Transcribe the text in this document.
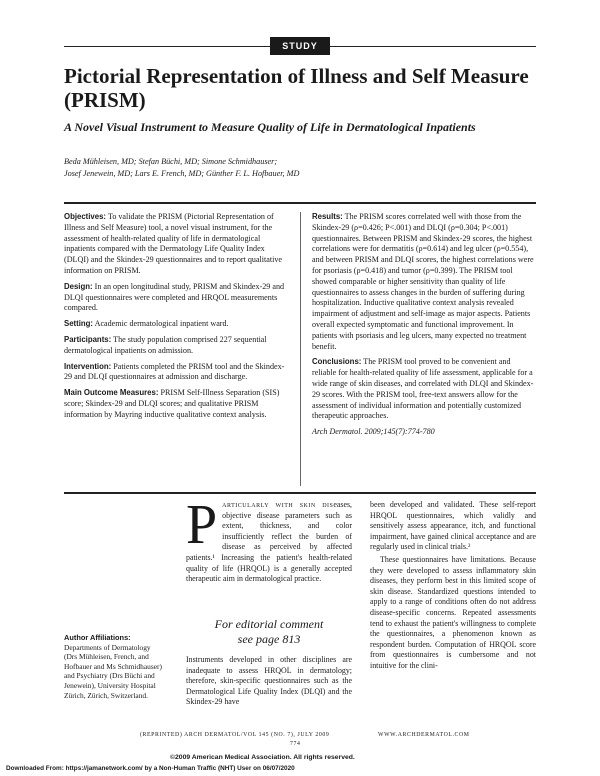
STUDY
Pictorial Representation of Illness and Self Measure (PRISM)
A Novel Visual Instrument to Measure Quality of Life in Dermatological Inpatients
Beda Mühleisen, MD; Stefan Büchi, MD; Simone Schmidhauser;
Josef Jenewein, MD; Lars E. French, MD; Günther F. L. Hofbauer, MD

Objectives: To validate the PRISM (Pictorial Representation of Illness and Self Measure) tool, a novel visual instrument, for the assessment of health-related quality of life in dermatological inpatients compared with the Dermatology Life Quality Index (DLQI) and the Skindex-29 questionnaires and to report qualitative information on PRISM.

Design: In an open longitudinal study, PRISM and Skindex-29 and DLQI questionnaires were completed and HRQOL measurements compared.

Setting: Academic dermatological inpatient ward.

Participants: The study population comprised 227 sequential dermatological inpatients on admission.

Intervention: Patients completed the PRISM tool and the Skindex-29 and DLQI questionnaires at admission and discharge.

Main Outcome Measures: PRISM Self-Illness Separation (SIS) score; Skindex-29 and DLQI scores; and qualitative PRISM information by Mayring inductive qualitative context analysis.

Results: The PRISM scores correlated well with those from the Skindex-29 (ρ=0.426; P<.001) and DLQI (ρ=0.304; P<.001) questionnaires. Between PRISM and Skindex-29 scores, the highest correlations were for dermatitis (ρ=0.614) and leg ulcer (ρ=0.554), and between PRISM and DLQI scores, the highest correlations were for psoriasis (ρ=0.418) and tumor (ρ=0.399). The PRISM tool showed comparable or higher sensitivity than quality of life questionnaires to assess changes in the burden of suffering during hospitalization. Inductive qualitative context analysis revealed impairment of adjustment and self-image as major aspects. Patients overall expected symptomatic and functional improvement. In patients with psoriasis and leg ulcers, many expected no treatment benefit.

Conclusions: The PRISM tool proved to be convenient and reliable for health-related quality of life assessment, applicable for a wide range of skin diseases, and correlated with DLQI and Skindex-29 scores. With the PRISM tool, free-text answers allow for the assessment of individual information and potentially customized therapeutic approaches.

Arch Dermatol. 2009;145(7):774-780

Author Affiliations:
Departments of Dermatology (Drs Mühleisen, French, and Hofbauer and Ms Schmidhauser) and Psychiatry (Drs Büchi and Jenewein), University Hospital Zürich, Zürich, Switzerland.

Particularly with skin diseases, objective disease parameters such as extent, thickness, and color insufficiently reflect the burden of disease as perceived by affected patients.¹ Increasing the patient's health-related quality of life (HRQOL) is a generally accepted therapeutic aim in dermatological practice.

For editorial comment
see page 813

Instruments developed in other disciplines are inadequate to assess HRQOL in dermatology; therefore, skin-specific questionnaires such as the Dermatological Life Quality Index (DLQI) and the Skindex-29 have

been developed and validated. These self-report HRQOL questionnaires, which validly and sensitively assess appearance, itch, and functional impairment, have gained clinical acceptance and are regularly used in clinical trials.²

These questionnaires have limitations. Because they were developed to assess inflammatory skin diseases, they perform best in this limited scope of skin disease. Standardized questions intended to apply to a range of conditions often do not address disease-specific concerns. Repeated assessments tend to exhaust the patient's willingness to complete the questionnaires, a phenomenon known as respondent burden. Computation of HRQOL score from questionnaires is cumbersome and not intuitive for the clini-

(REPRINTED) ARCH DERMATOL/VOL 145 (NO. 7), JULY 2009	WWW.ARCHDERMATOL.COM
774
©2009 American Medical Association. All rights reserved.
Downloaded From: https://jamanetwork.com/ by a Non-Human Traffic (NHT) User on 06/07/2020
